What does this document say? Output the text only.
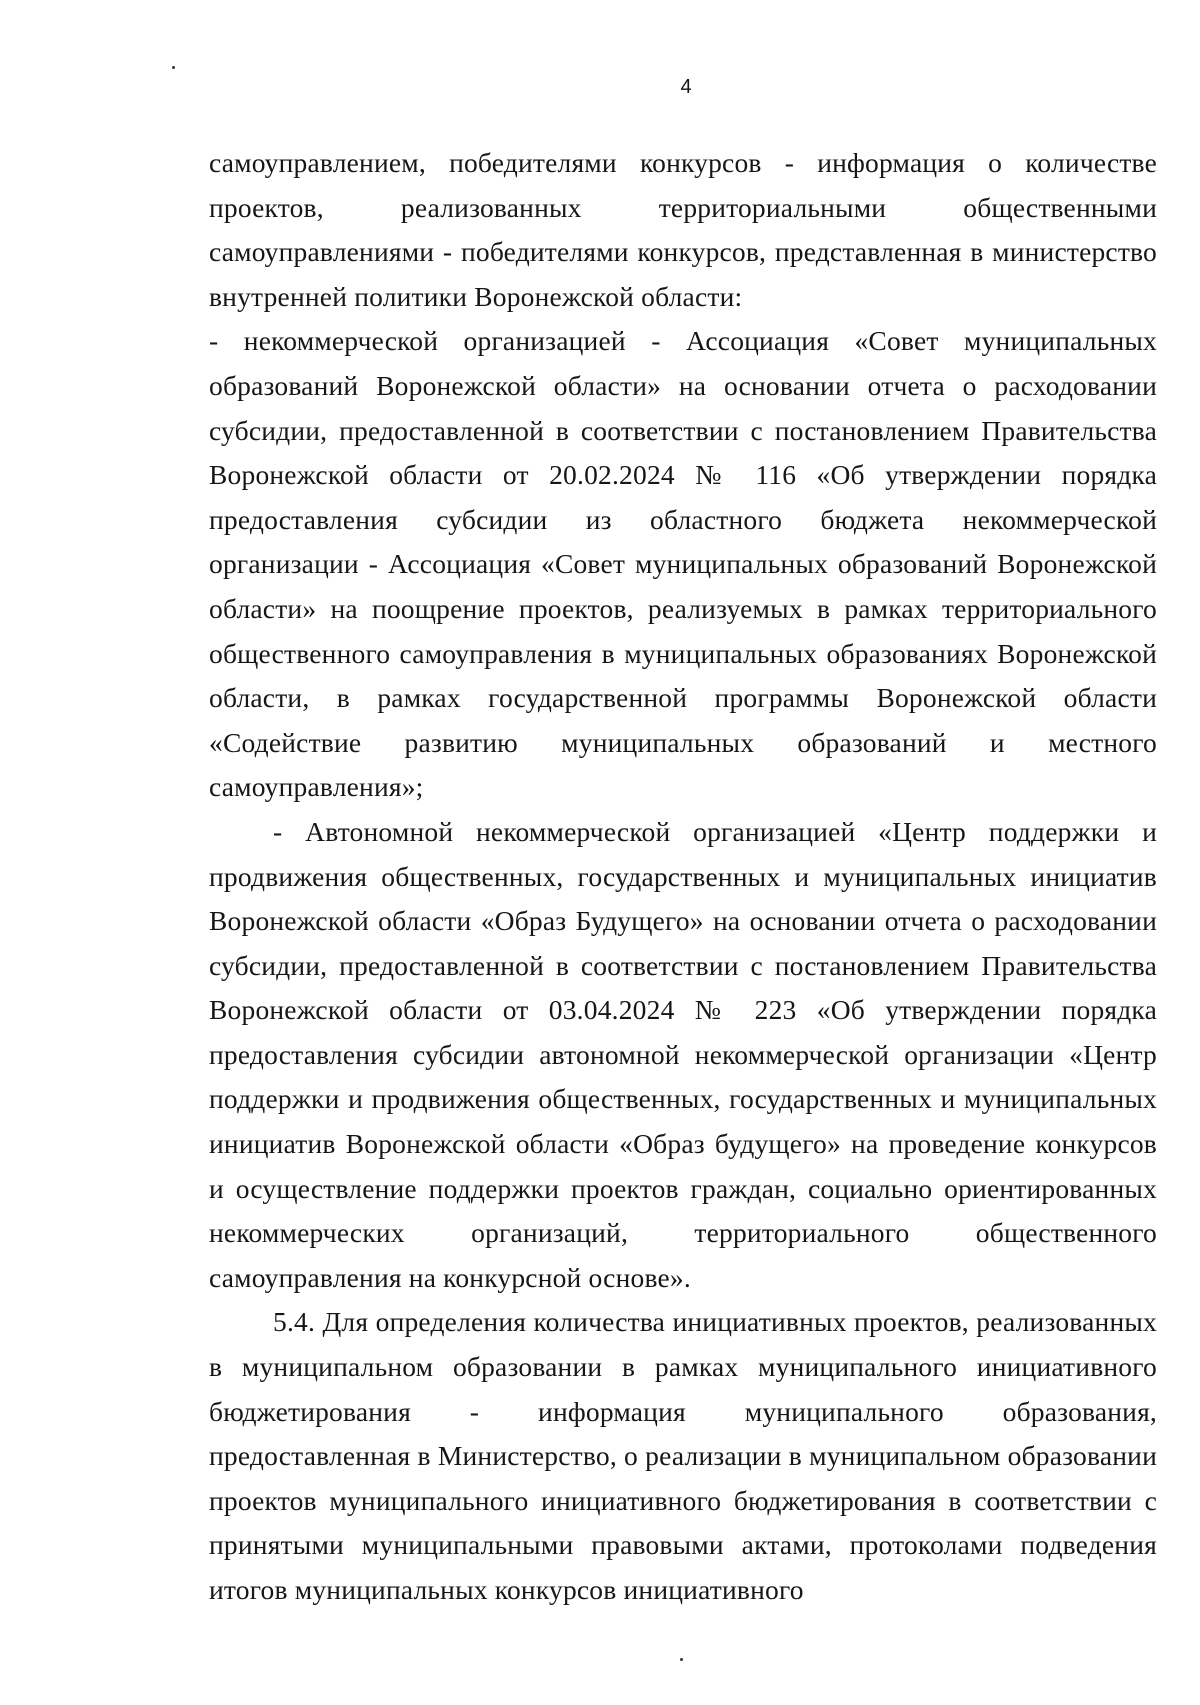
4

самоуправлением, победителями конкурсов - информация о количестве проектов, реализованных территориальными общественными самоуправлениями - победителями конкурсов, представленная в министерство внутренней политики Воронежской области:

- некоммерческой организацией - Ассоциация «Совет муниципальных образований Воронежской области» на основании отчета о расходовании субсидии, предоставленной в соответствии с постановлением Правительства Воронежской области от 20.02.2024 № 116 «Об утверждении порядка предоставления субсидии из областного бюджета некоммерческой организации - Ассоциация «Совет муниципальных образований Воронежской области» на поощрение проектов, реализуемых в рамках территориального общественного самоуправления в муниципальных образованиях Воронежской области, в рамках государственной программы Воронежской области «Содействие развитию муниципальных образований и местного самоуправления»;

- Автономной некоммерческой организацией «Центр поддержки и продвижения общественных, государственных и муниципальных инициатив Воронежской области «Образ Будущего» на основании отчета о расходовании субсидии, предоставленной в соответствии с постановлением Правительства Воронежской области от 03.04.2024 № 223 «Об утверждении порядка предоставления субсидии автономной некоммерческой организации «Центр поддержки и продвижения общественных, государственных и муниципальных инициатив Воронежской области «Образ будущего» на проведение конкурсов и осуществление поддержки проектов граждан, социально ориентированных некоммерческих организаций, территориального общественного самоуправления на конкурсной основе».

5.4. Для определения количества инициативных проектов, реализованных в муниципальном образовании в рамках муниципального инициативного бюджетирования - информация муниципального образования, предоставленная в Министерство, о реализации в муниципальном образовании проектов муниципального инициативного бюджетирования в соответствии с принятыми муниципальными правовыми актами, протоколами подведения итогов муниципальных конкурсов инициативного
